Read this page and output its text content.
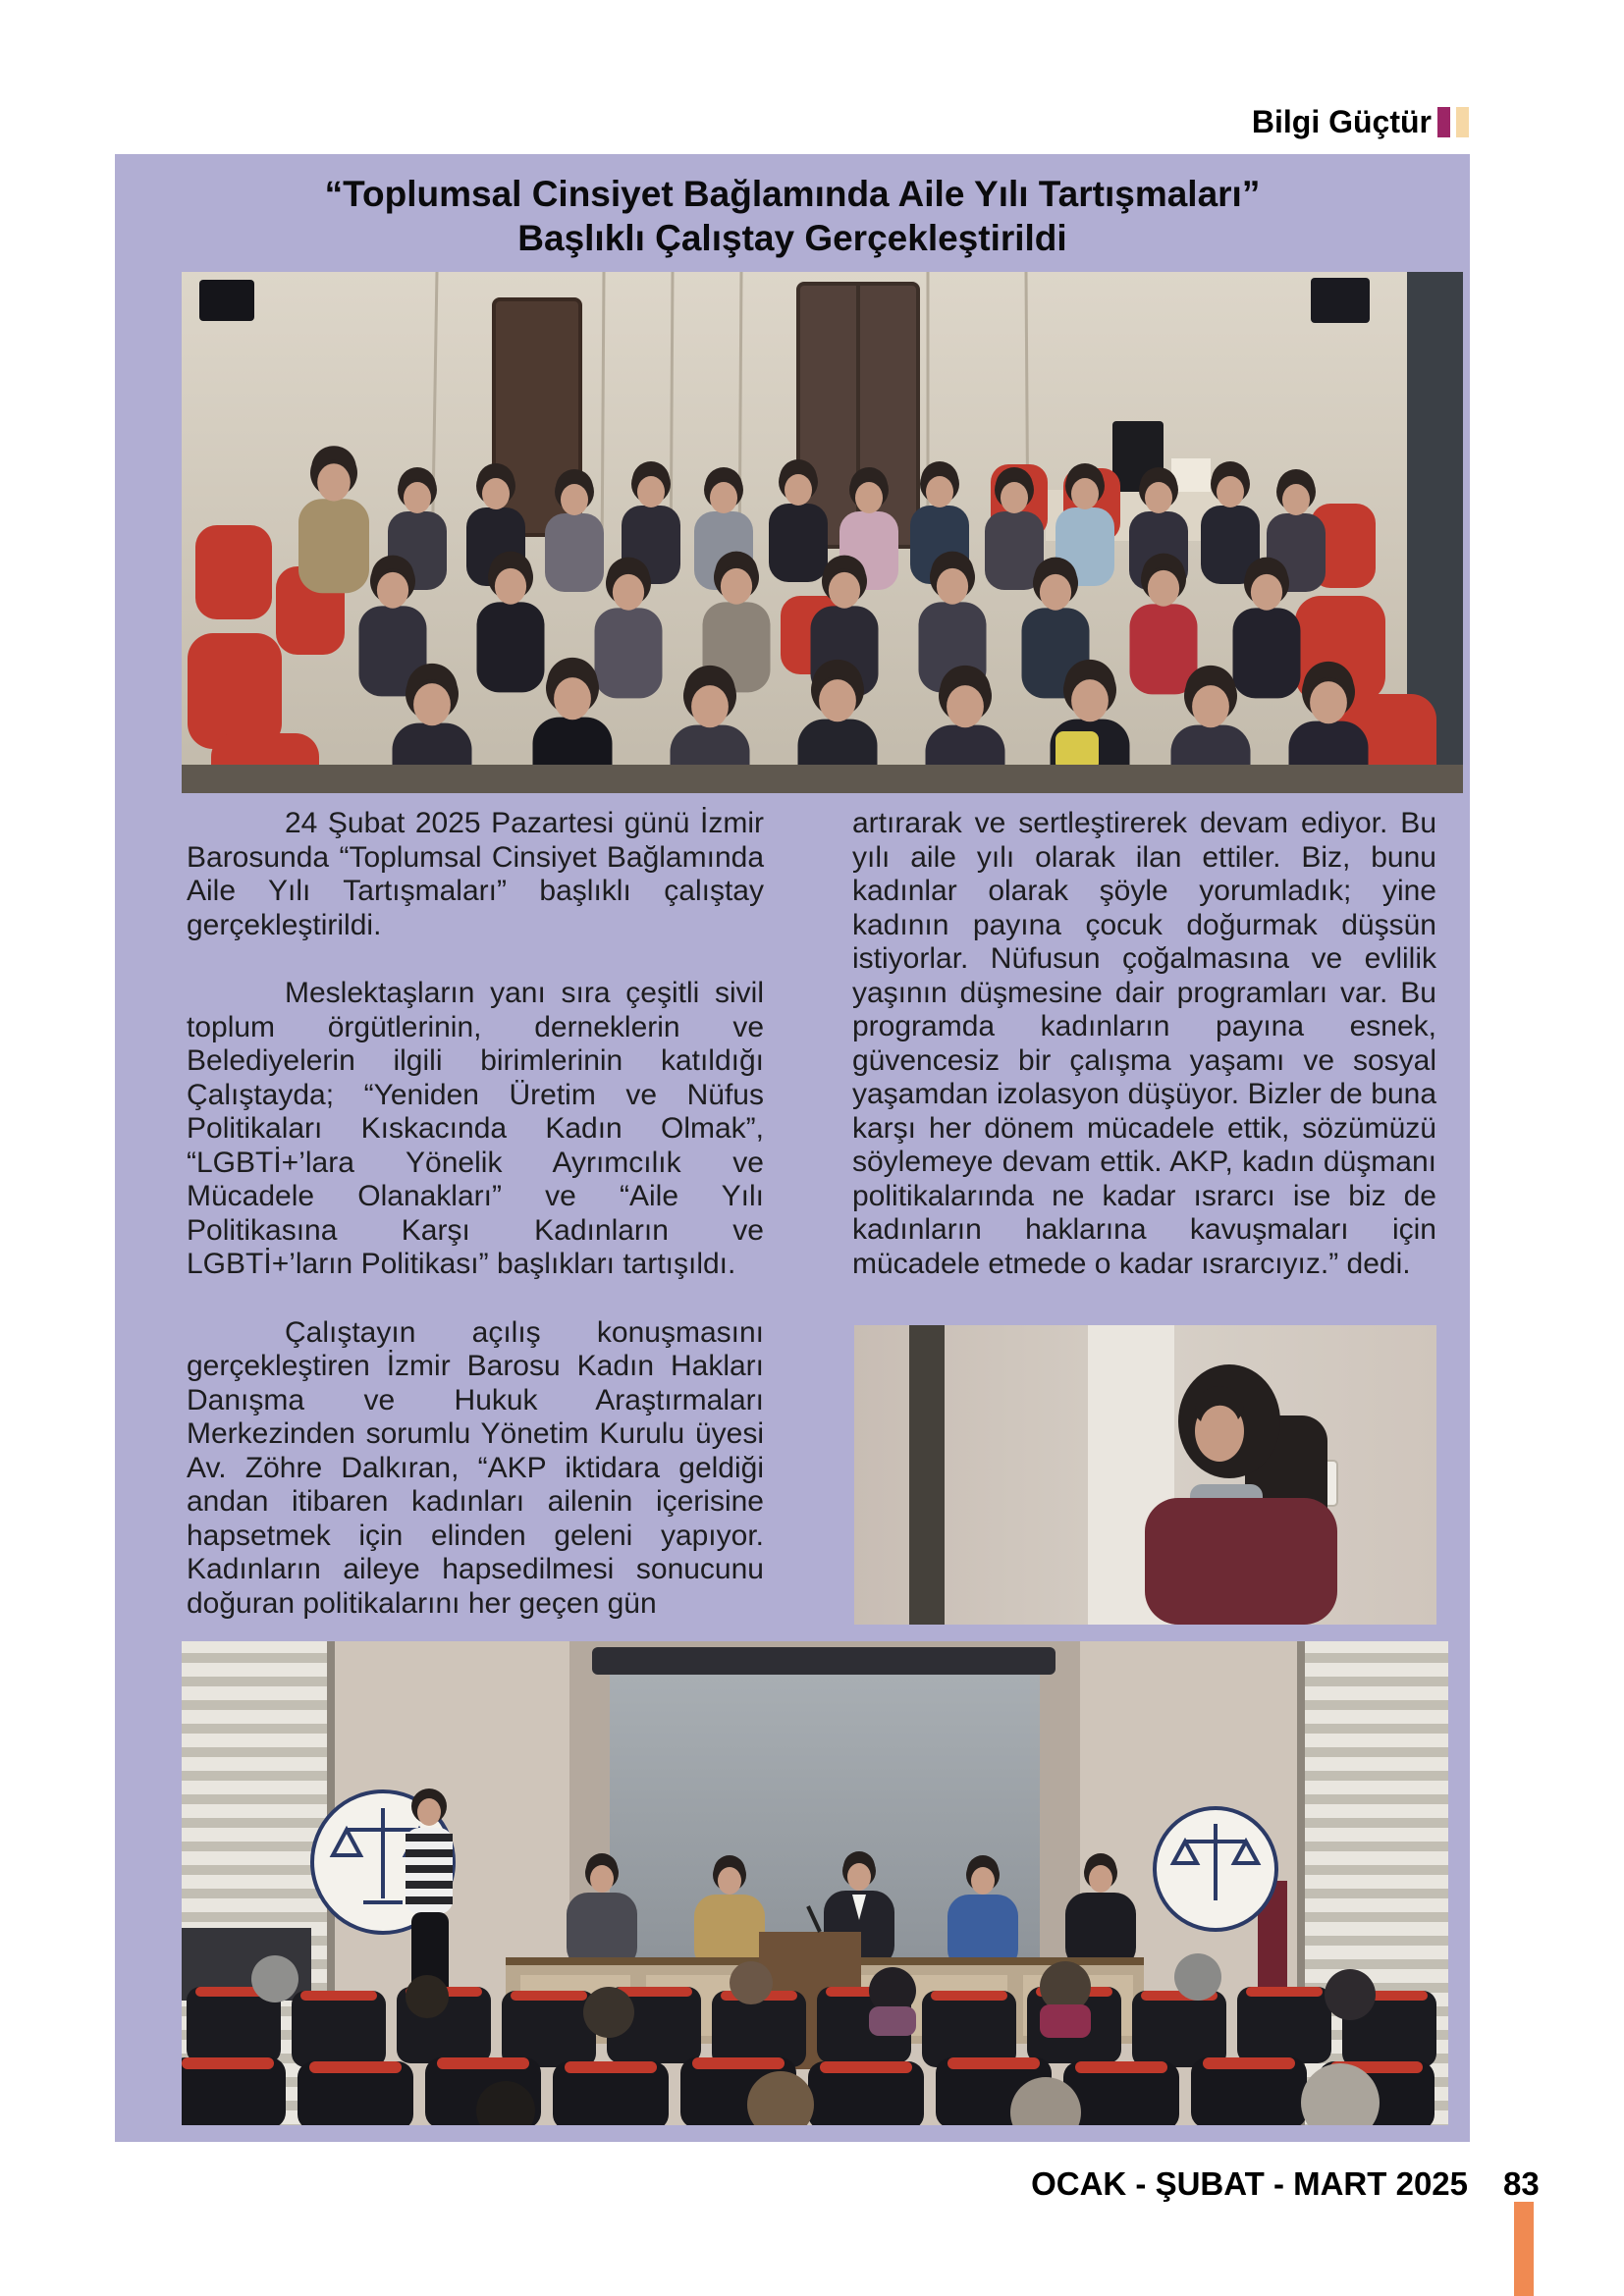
Bilgi Güçtür
“Toplumsal Cinsiyet Bağlamında Aile Yılı Tartışmaları”
Başlıklı Çalıştay Gerçekleştirildi

24 Şubat 2025 Pazartesi günü İzmir Barosunda “Toplumsal Cinsiyet Bağlamında Aile Yılı Tartışmaları” başlıklı çalıştay gerçekleştirildi.

Meslektaşların yanı sıra çeşitli sivil toplum örgütlerinin, derneklerin ve Belediyelerin ilgili birimlerinin katıldığı Çalıştayda; “Yeniden Üretim ve Nüfus Politikaları Kıskacında Kadın Olmak”, “LGBTİ+’lara Yönelik Ayrımcılık ve Mücadele Olanakları” ve “Aile Yılı Politikasına Karşı Kadınların ve LGBTİ+’ların Politikası” başlıkları tartışıldı.

Çalıştayın açılış konuşmasını gerçekleştiren İzmir Barosu Kadın Hakları Danışma ve Hukuk Araştırmaları Merkezinden sorumlu Yönetim Kurulu üyesi Av. Zöhre Dalkıran, “AKP iktidara geldiği andan itibaren kadınları ailenin içerisine hapsetmek için elinden geleni yapıyor. Kadınların aileye hapsedilmesi sonucunu doğuran politikalarını her geçen gün

artırarak ve sertleştirerek devam ediyor. Bu yılı aile yılı olarak ilan ettiler. Biz, bunu kadınlar olarak şöyle yorumladık; yine kadının payına çocuk doğurmak düşsün istiyorlar. Nüfusun çoğalmasına ve evlilik yaşının düşmesine dair programları var. Bu programda kadınların payına esnek, güvencesiz bir çalışma yaşamı ve sosyal yaşamdan izolasyon düşüyor. Bizler de buna karşı her dönem mücadele ettik, sözümüzü söylemeye devam ettik. AKP, kadın düşmanı politikalarında ne kadar ısrarcı ise biz de kadınların haklarına kavuşmaları için mücadele etmede o kadar ısrarcıyız.” dedi.

OCAK - ŞUBAT - MART 2025 83
